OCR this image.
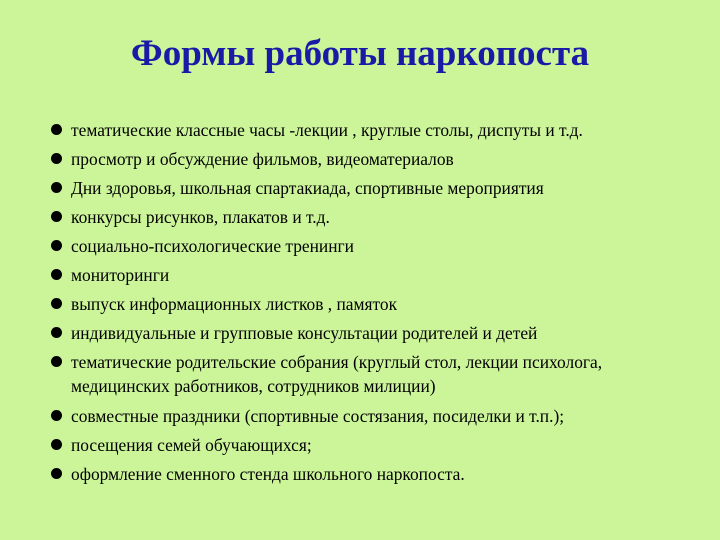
Формы работы наркопоста
тематические классные часы -лекции , круглые столы, диспуты и т.д.
просмотр и обсуждение фильмов, видеоматериалов
Дни здоровья, школьная спартакиада, спортивные мероприятия
конкурсы рисунков, плакатов и т.д.
социально-психологические тренинги
мониторинги
выпуск информационных листков , памяток
индивидуальные и групповые консультации родителей и детей
тематические родительские собрания (круглый стол, лекции психолога, медицинских работников, сотрудников милиции)
совместные праздники (спортивные состязания, посиделки и т.п.);
посещения семей обучающихся;
оформление сменного стенда школьного наркопоста.
